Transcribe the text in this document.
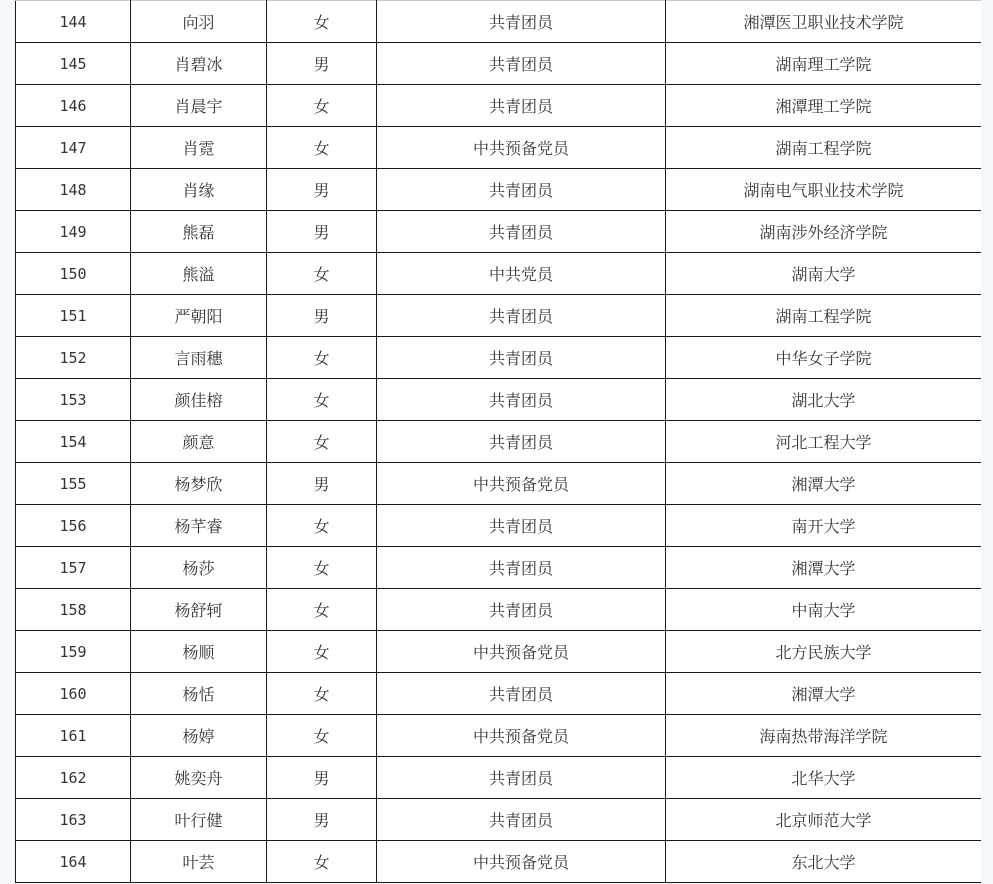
144	向羽	女	共青团员	湘潭医卫职业技术学院
145	肖碧冰	男	共青团员	湖南理工学院
146	肖晨宇	女	共青团员	湘潭理工学院
147	肖霓	女	中共预备党员	湖南工程学院
148	肖缘	男	共青团员	湖南电气职业技术学院
149	熊磊	男	共青团员	湖南涉外经济学院
150	熊溢	女	中共党员	湖南大学
151	严朝阳	男	共青团员	湖南工程学院
152	言雨穗	女	共青团员	中华女子学院
153	颜佳榕	女	共青团员	湖北大学
154	颜意	女	共青团员	河北工程大学
155	杨梦欣	男	中共预备党员	湘潭大学
156	杨芊睿	女	共青团员	南开大学
157	杨莎	女	共青团员	湘潭大学
158	杨舒轲	女	共青团员	中南大学
159	杨顺	女	中共预备党员	北方民族大学
160	杨恬	女	共青团员	湘潭大学
161	杨婷	女	中共预备党员	海南热带海洋学院
162	姚奕舟	男	共青团员	北华大学
163	叶行健	男	共青团员	北京师范大学
164	叶芸	女	中共预备党员	东北大学
